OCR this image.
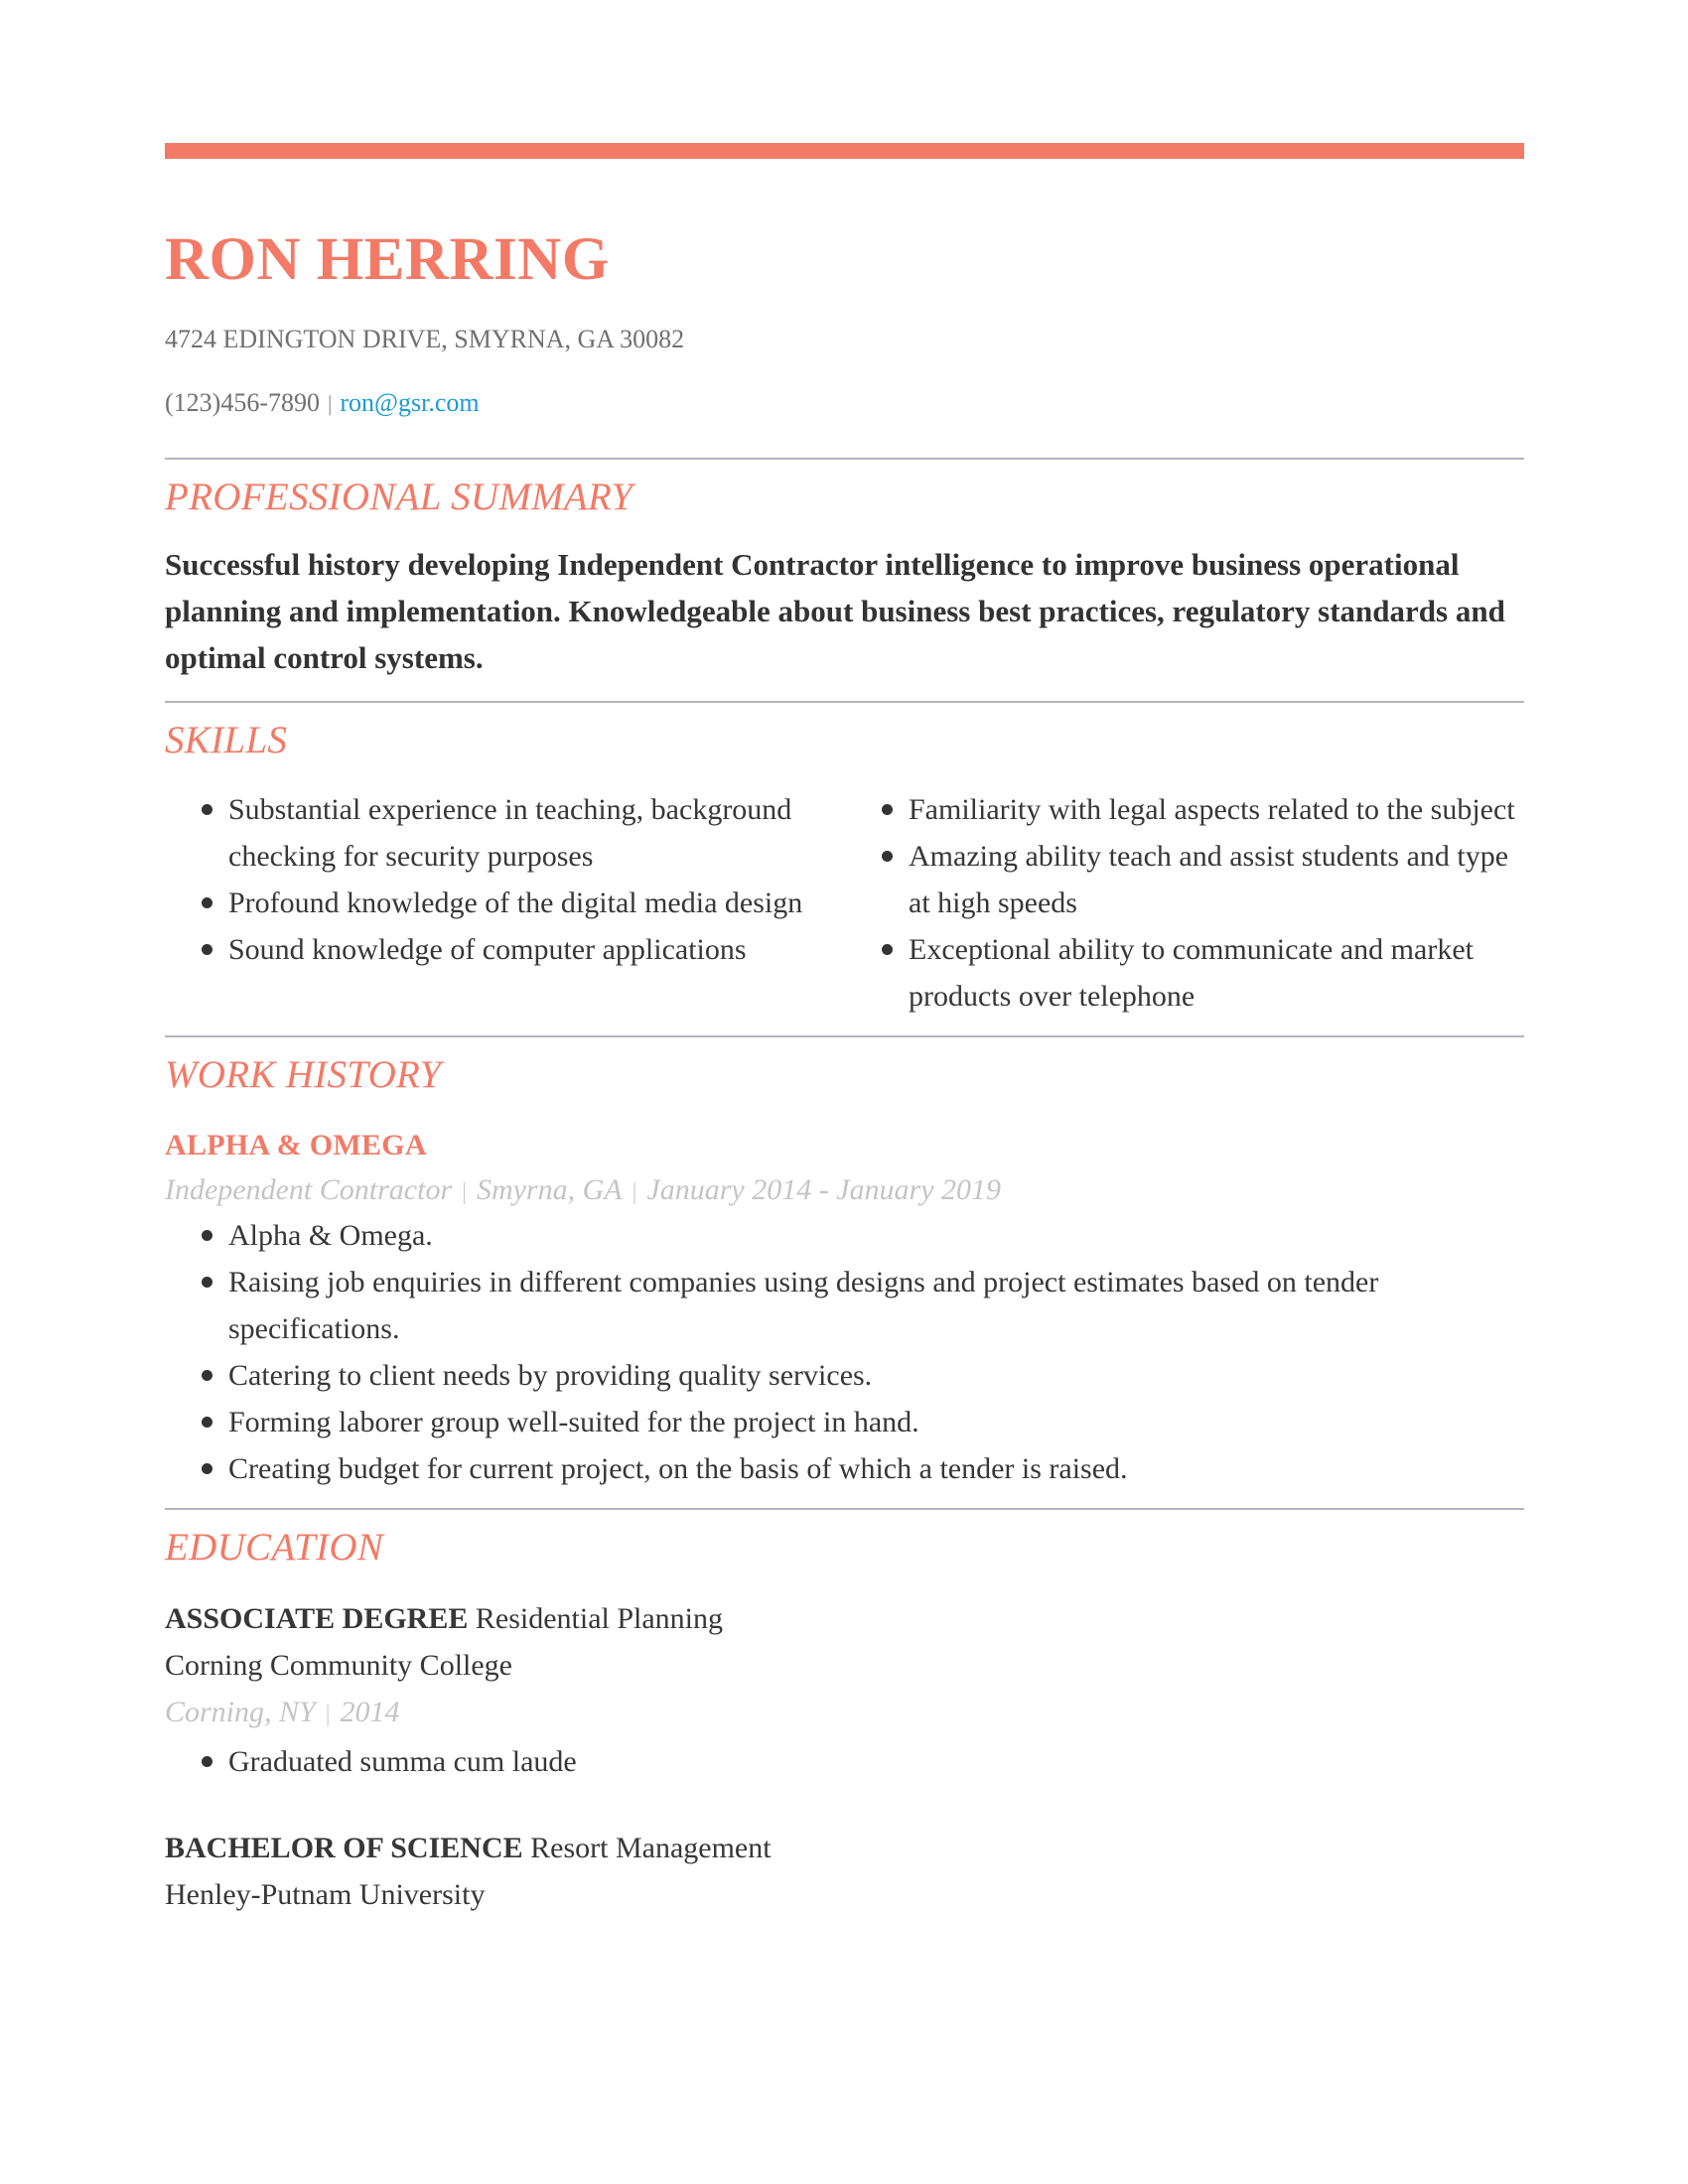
RON HERRING
4724 EDINGTON DRIVE, SMYRNA, GA 30082
(123)456-7890 | ron@gsr.com
PROFESSIONAL SUMMARY
Successful history developing Independent Contractor intelligence to improve business operational planning and implementation. Knowledgeable about business best practices, regulatory standards and optimal control systems.
SKILLS
Substantial experience in teaching, background checking for security purposes
Profound knowledge of the digital media design
Sound knowledge of computer applications
Familiarity with legal aspects related to the subject
Amazing ability teach and assist students and type at high speeds
Exceptional ability to communicate and market products over telephone
WORK HISTORY
ALPHA & OMEGA
Independent Contractor | Smyrna, GA | January 2014 - January 2019
Alpha & Omega.
Raising job enquiries in different companies using designs and project estimates based on tender specifications.
Catering to client needs by providing quality services.
Forming laborer group well-suited for the project in hand.
Creating budget for current project, on the basis of which a tender is raised.
EDUCATION
ASSOCIATE DEGREE Residential Planning
Corning Community College
Corning, NY | 2014
Graduated summa cum laude
BACHELOR OF SCIENCE Resort Management
Henley-Putnam University
